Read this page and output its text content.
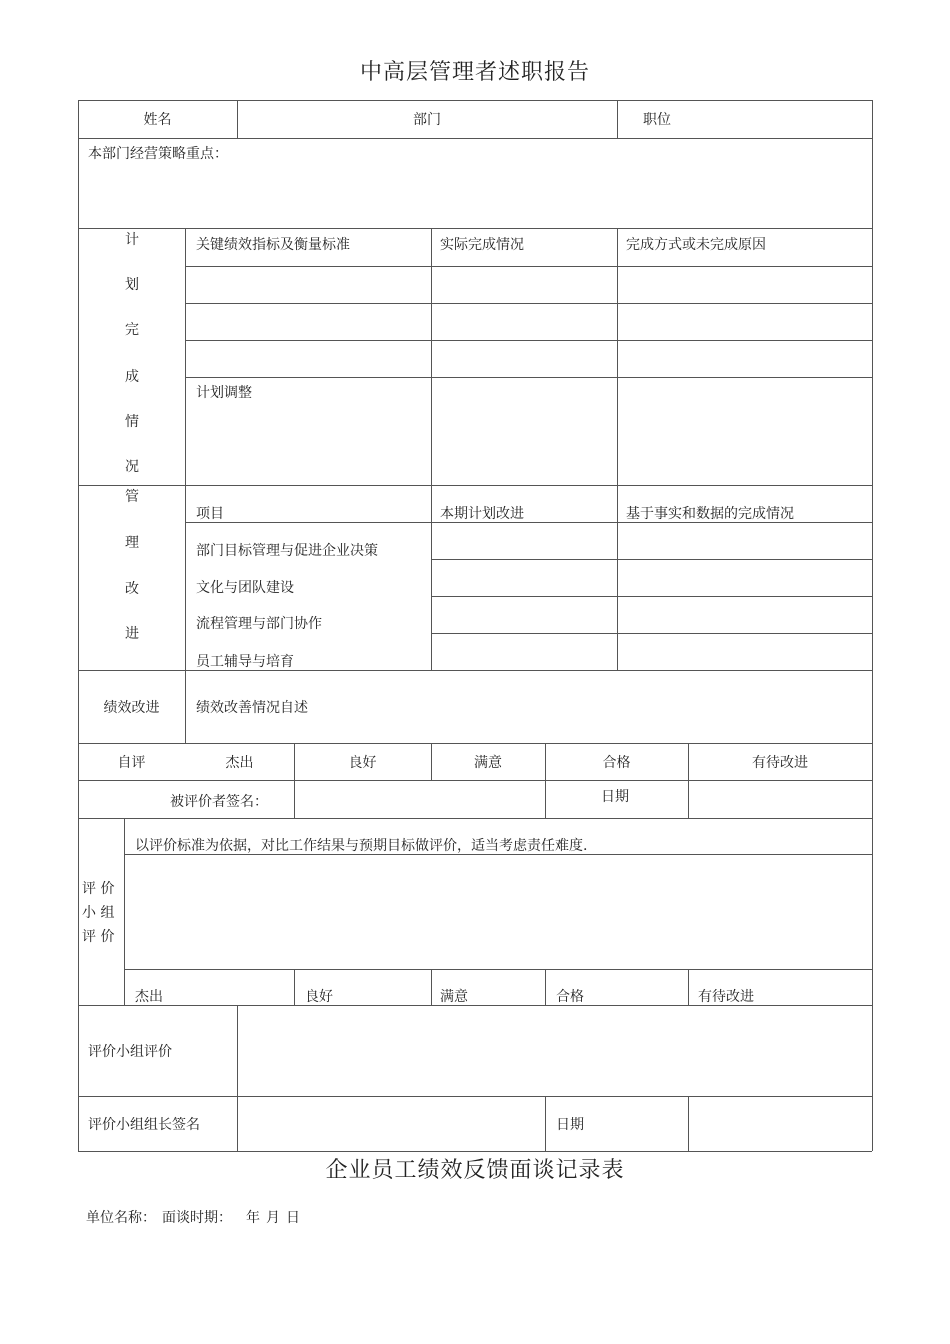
中高层管理者述职报告
姓名	部门	职位
本部门经营策略重点：
计
划
完
成
情
况
关键绩效指标及衡量标准	实际完成情况	完成方式或未完成原因
计划调整
管
理
改
进
项目	本期计划改进	基于事实和数据的完成情况
部门目标管理与促进企业决策
文化与团队建设
流程管理与部门协作
员工辅导与培育
绩效改进	绩效改善情况自述
自评	杰出	良好	满意	合格	有待改进
被评价者签名：	日期
评 价
小 组
评 价
以评价标准为依据，对比工作结果与预期目标做评价，适当考虑责任难度.
杰出	良好	满意	合格	有待改进
评价小组评价
评价小组组长签名	日期
企业员工绩效反馈面谈记录表
单位名称： 面谈时期： 年 月 日
